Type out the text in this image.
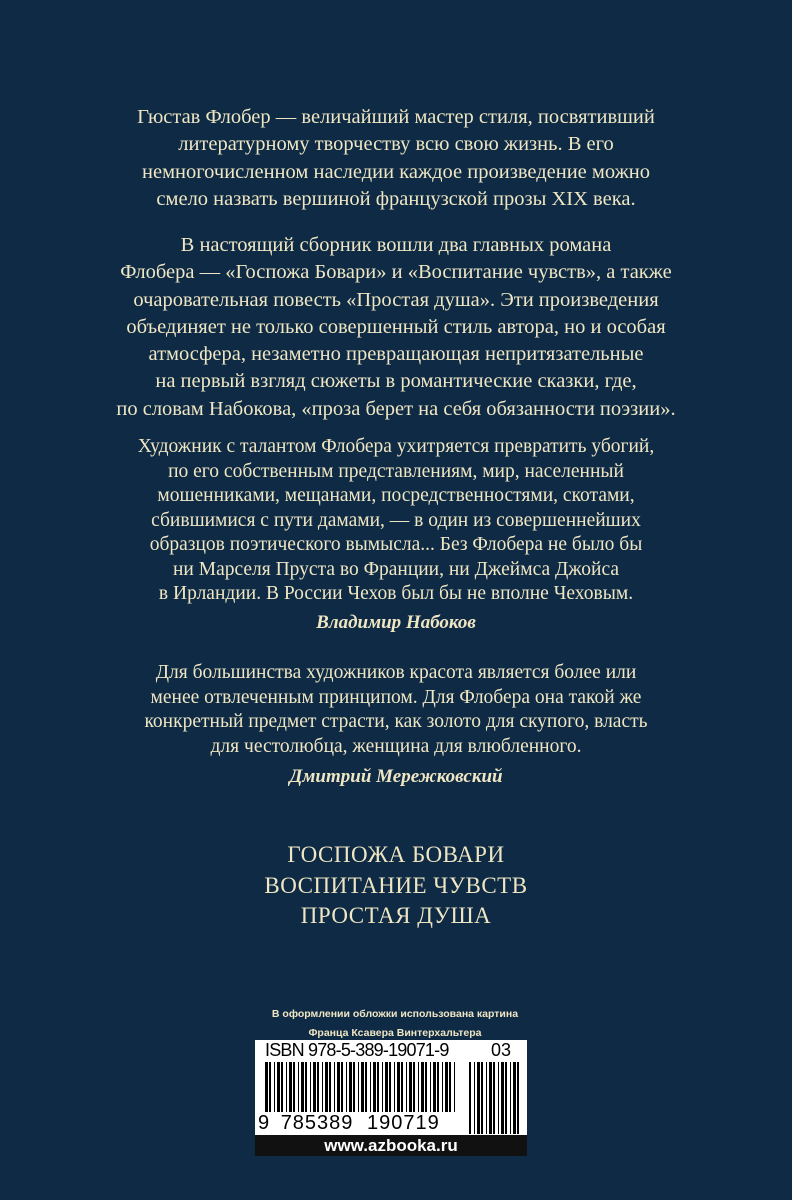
Гюстав Флобер — величайший мастер стиля, посвятивший
литературному творчеству всю свою жизнь. В его
немногочисленном наследии каждое произведение можно
смело назвать вершиной французской прозы XIX века.
В настоящий сборник вошли два главных романа
Флобера — «Госпожа Бовари» и «Воспитание чувств», а также
очаровательная повесть «Простая душа». Эти произведения
объединяет не только совершенный стиль автора, но и особая
атмосфера, незаметно превращающая непритязательные
на первый взгляд сюжеты в романтические сказки, где,
по словам Набокова, «проза берет на себя обязанности поэзии».
Художник с талантом Флобера ухитряется превратить убогий,
по его собственным представлениям, мир, населенный
мошенниками, мещанами, посредственностями, скотами,
сбившимися с пути дамами, — в один из совершеннейших
образцов поэтического вымысла... Без Флобера не было бы
ни Марселя Пруста во Франции, ни Джеймса Джойса
в Ирландии. В России Чехов был бы не вполне Чеховым.
Владимир Набоков
Для большинства художников красота является более или
менее отвлеченным принципом. Для Флобера она такой же
конкретный предмет страсти, как золото для скупого, власть
для честолюбца, женщина для влюбленного.
Дмитрий Мережковский
ГОСПОЖА БОВАРИ
ВОСПИТАНИЕ ЧУВСТВ
ПРОСТАЯ ДУША
В оформлении обложки использована картина
Франца Ксавера Винтерхальтера
ISBN 978-5-389-19071-9 03
9 785389 190719
www.azbooka.ru
